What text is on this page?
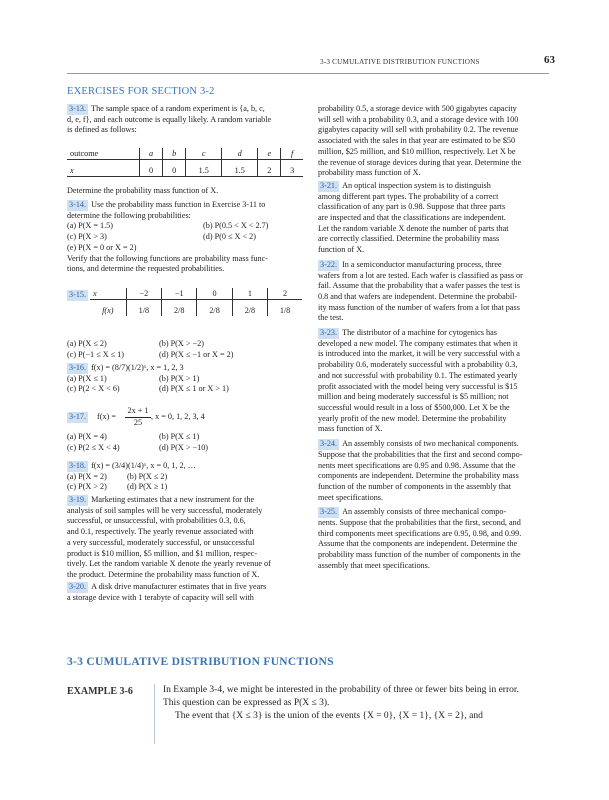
3-3 CUMULATIVE DISTRIBUTION FUNCTIONS	63
EXERCISES FOR SECTION 3-2

3-13. The sample space of a random experiment is {a, b, c,

d, e, f}, and each outcome is equally likely. A random variable

is defined as follows:

outcome	a	b	c	d	e	f
x	0	0	1.5	1.5	2	3

Determine the probability mass function of X.

3-14. Use the probability mass function in Exercise 3-11 to

determine the following probabilities:

(a) P(X = 1.5)	(b) P(0.5 < X < 2.7)

(c) P(X > 3)	(d) P(0 ≤ X < 2)

(e) P(X = 0 or X = 2)

Verify that the following functions are probability mass func-

tions, and determine the requested probabilities.

3-15. x	−2	−1	0	1	2
f(x)	1/8	2/8	2/8	2/8	1/8

(a) P(X ≤ 2)	(b) P(X > −2)

(c) P(−1 ≤ X ≤ 1)	(d) P(X ≤ −1 or X = 2)

3-16. f(x) = (8/7)(1/2)ˣ, x = 1, 2, 3

(a) P(X ≤ 1)	(b) P(X > 1)

(c) P(2 < X < 6)	(d) P(X ≤ 1 or X > 1)

3-17. f(x) =
2x + 1
25
, x = 0, 1, 2, 3, 4

(a) P(X = 4)	(b) P(X ≤ 1)

(c) P(2 ≤ X < 4)	(d) P(X > −10)

3-18. f(x) = (3/4)(1/4)ˣ, x = 0, 1, 2, …

(a) P(X = 2) (b) P(X ≤ 2)

(c) P(X > 2) (d) P(X ≥ 1)

3-19. Marketing estimates that a new instrument for the

analysis of soil samples will be very successful, moderately

successful, or unsuccessful, with probabilities 0.3, 0.6,

and 0.1, respectively. The yearly revenue associated with

a very successful, moderately successful, or unsuccessful

product is $10 million, $5 million, and $1 million, respec-

tively. Let the random variable X denote the yearly revenue of

the product. Determine the probability mass function of X.

3-20. A disk drive manufacturer estimates that in five years

a storage device with 1 terabyte of capacity will sell with

probability 0.5, a storage device with 500 gigabytes capacity

will sell with a probability 0.3, and a storage device with 100

gigabytes capacity will sell with probability 0.2. The revenue

associated with the sales in that year are estimated to be $50

million, $25 million, and $10 million, respectively. Let X be

the revenue of storage devices during that year. Determine the

probability mass function of X.

3-21. An optical inspection system is to distinguish

among different part types. The probability of a correct

classification of any part is 0.98. Suppose that three parts

are inspected and that the classifications are independent.

Let the random variable X denote the number of parts that

are correctly classified. Determine the probability mass

function of X.

3-22. In a semiconductor manufacturing process, three

wafers from a lot are tested. Each wafer is classified as pass or

fail. Assume that the probability that a wafer passes the test is

0.8 and that wafers are independent. Determine the probabil-

ity mass function of the number of wafers from a lot that pass

the test.

3-23. The distributor of a machine for cytogenics has

developed a new model. The company estimates that when it

is introduced into the market, it will be very successful with a

probability 0.6, moderately successful with a probability 0.3,

and not successful with probability 0.1. The estimated yearly

profit associated with the model being very successful is $15

million and being moderately successful is $5 million; not

successful would result in a loss of $500,000. Let X be the

yearly profit of the new model. Determine the probability

mass function of X.

3-24. An assembly consists of two mechanical components.

Suppose that the probabilities that the first and second compo-

nents meet specifications are 0.95 and 0.98. Assume that the

components are independent. Determine the probability mass

function of the number of components in the assembly that

meet specifications.

3-25. An assembly consists of three mechanical compo-

nents. Suppose that the probabilities that the first, second, and

third components meet specifications are 0.95, 0.98, and 0.99.

Assume that the components are independent. Determine the

probability mass function of the number of components in the

assembly that meet specifications.

3-3 CUMULATIVE DISTRIBUTION FUNCTIONS
EXAMPLE 3-6	In Example 3-4, we might be interested in the probability of three or fewer bits being in error.
This question can be expressed as P(X ≤ 3).
The event that {X ≤ 3} is the union of the events {X = 0}, {X = 1}, {X = 2}, and
